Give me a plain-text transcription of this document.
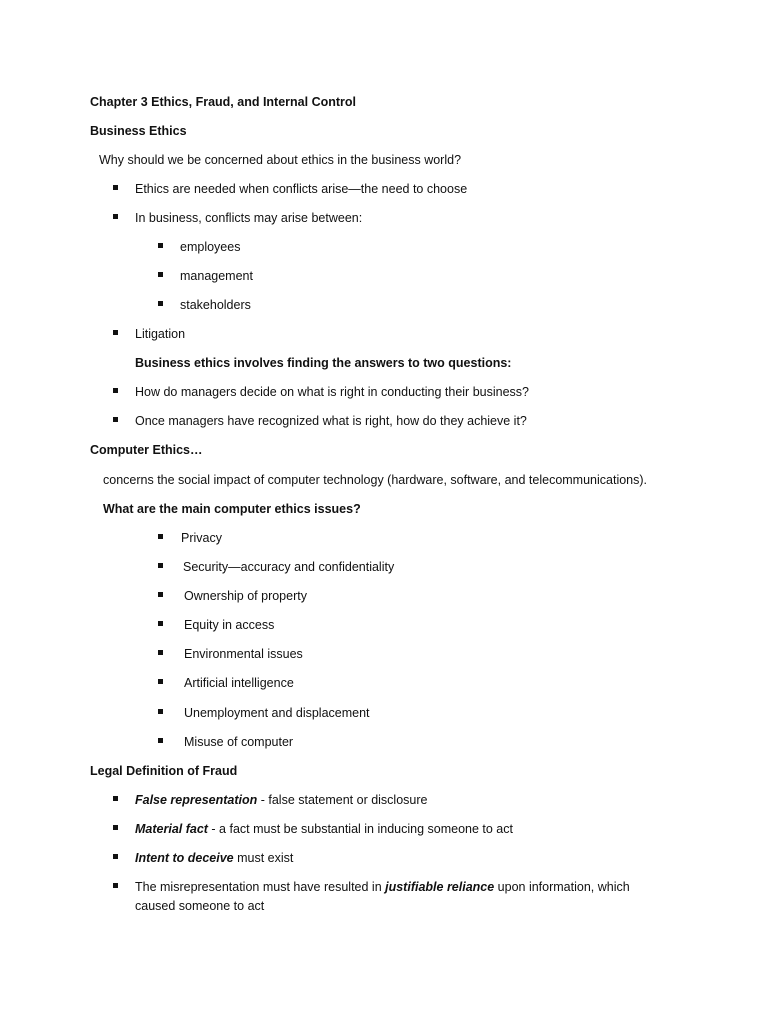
Chapter 3 Ethics, Fraud, and Internal Control
Business Ethics
Why should we be concerned about ethics in the business world?
Ethics are needed when conflicts arise—the need to choose
In business, conflicts may arise between:
employees
management
stakeholders
Litigation
Business ethics involves finding the answers to two questions:
How do managers decide on what is right in conducting their business?
Once managers have recognized what is right, how do they achieve it?
Computer Ethics…
concerns the social impact of computer technology (hardware, software, and telecommunications).
What are the main computer ethics issues?
Privacy
Security—accuracy and confidentiality
Ownership of property
Equity in access
Environmental issues
Artificial intelligence
Unemployment and displacement
Misuse of computer
Legal Definition of Fraud
False representation - false statement or disclosure
Material fact - a fact must be substantial in inducing someone to act
Intent to deceive must exist
The misrepresentation must have resulted in justifiable reliance upon information, which
caused someone to act
